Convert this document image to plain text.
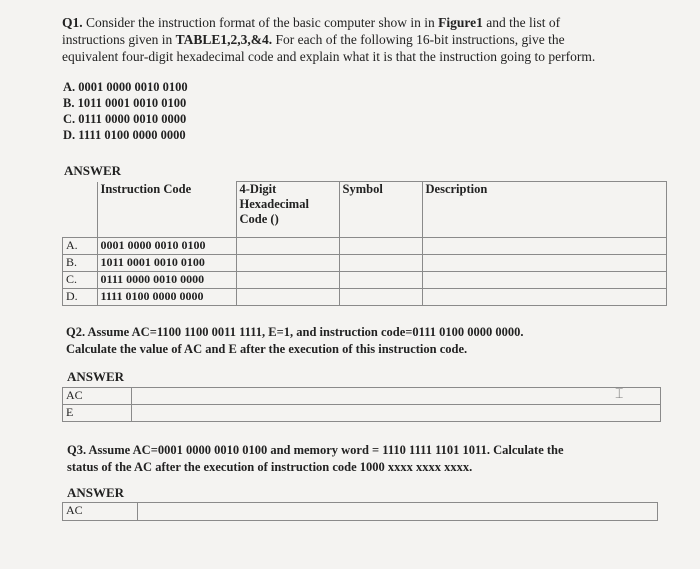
Q1. Consider the instruction format of the basic computer show in in Figure1 and the list of
instructions given in TABLE1,2,3,&4. For each of the following 16-bit instructions, give the
equivalent four-digit hexadecimal code and explain what it is that the instruction going to perform.
A. 0001 0000 0010 0100
B. 1011 0001 0010 0100
C. 0111 0000 0010 0000
D. 1111 0100 0000 0000
ANSWER
	Instruction Code	4-Digit
Hexadecimal
Code ()	Symbol	Description
A.	0001 0000 0010 0100			
B.	1011 0001 0010 0100			
C.	0111 0000 0010 0000			
D.	1111 0100 0000 0000			
Q2. Assume AC=1100 1100 0011 1111, E=1, and instruction code=0111 0100 0000 0000.
Calculate the value of AC and E after the execution of this instruction code.
ANSWER
AC	⌶

E	
Q3. Assume AC=0001 0000 0010 0100 and memory word = 1110 1111 1101 1011. Calculate the
status of the AC after the execution of instruction code 1000 xxxx xxxx xxxx.
ANSWER
AC	
